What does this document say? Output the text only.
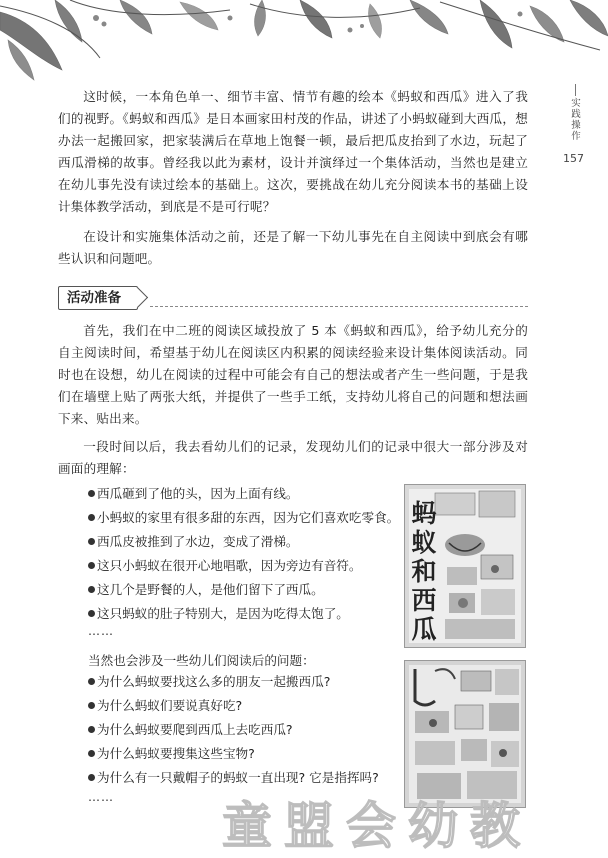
实践操作
157

这时候，一本角色单一、细节丰富、情节有趣的绘本《蚂蚁和西瓜》进入了我们的视野。《蚂蚁和西瓜》是日本画家田村茂的作品，讲述了小蚂蚁碰到大西瓜，想办法一起搬回家，把家装满后在草地上饱餐一顿，最后把瓜皮抬到了水边，玩起了西瓜滑梯的故事。曾经我以此为素材，设计并演绎过一个集体活动，当然也是建立在幼儿事先没有读过绘本的基础上。这次，要挑战在幼儿充分阅读本书的基础上设计集体教学活动，到底是不是可行呢？

在设计和实施集体活动之前，还是了解一下幼儿事先在自主阅读中到底会有哪些认识和问题吧。

活动准备

首先，我们在中二班的阅读区域投放了 5 本《蚂蚁和西瓜》，给予幼儿充分的自主阅读时间，希望基于幼儿在阅读区内积累的阅读经验来设计集体阅读活动。同时也在设想，幼儿在阅读的过程中可能会有自己的想法或者产生一些问题，于是我们在墙壁上贴了两张大纸，并提供了一些手工纸，支持幼儿将自己的问题和想法画下来、贴出来。

一段时间以后，我去看幼儿们的记录，发现幼儿们的记录中很大一部分涉及对画面的理解：

西瓜砸到了他的头，因为上面有线。
小蚂蚁的家里有很多甜的东西，因为它们喜欢吃零食。
西瓜皮被推到了水边，变成了滑梯。
这只小蚂蚁在很开心地唱歌，因为旁边有音符。
这几个是野餐的人，是他们留下了西瓜。
这只蚂蚁的肚子特别大，是因为吃得太饱了。
……
当然也会涉及一些幼儿们阅读后的问题：
为什么蚂蚁要找这么多的朋友一起搬西瓜?
为什么蚂蚁们要说真好吃?
为什么蚂蚁要爬到西瓜上去吃西瓜?
为什么蚂蚁要搜集这些宝物?
为什么有一只戴帽子的蚂蚁一直出现? 它是指挥吗?
……
蚂
蚁
和
西
瓜
童盟会幼教
